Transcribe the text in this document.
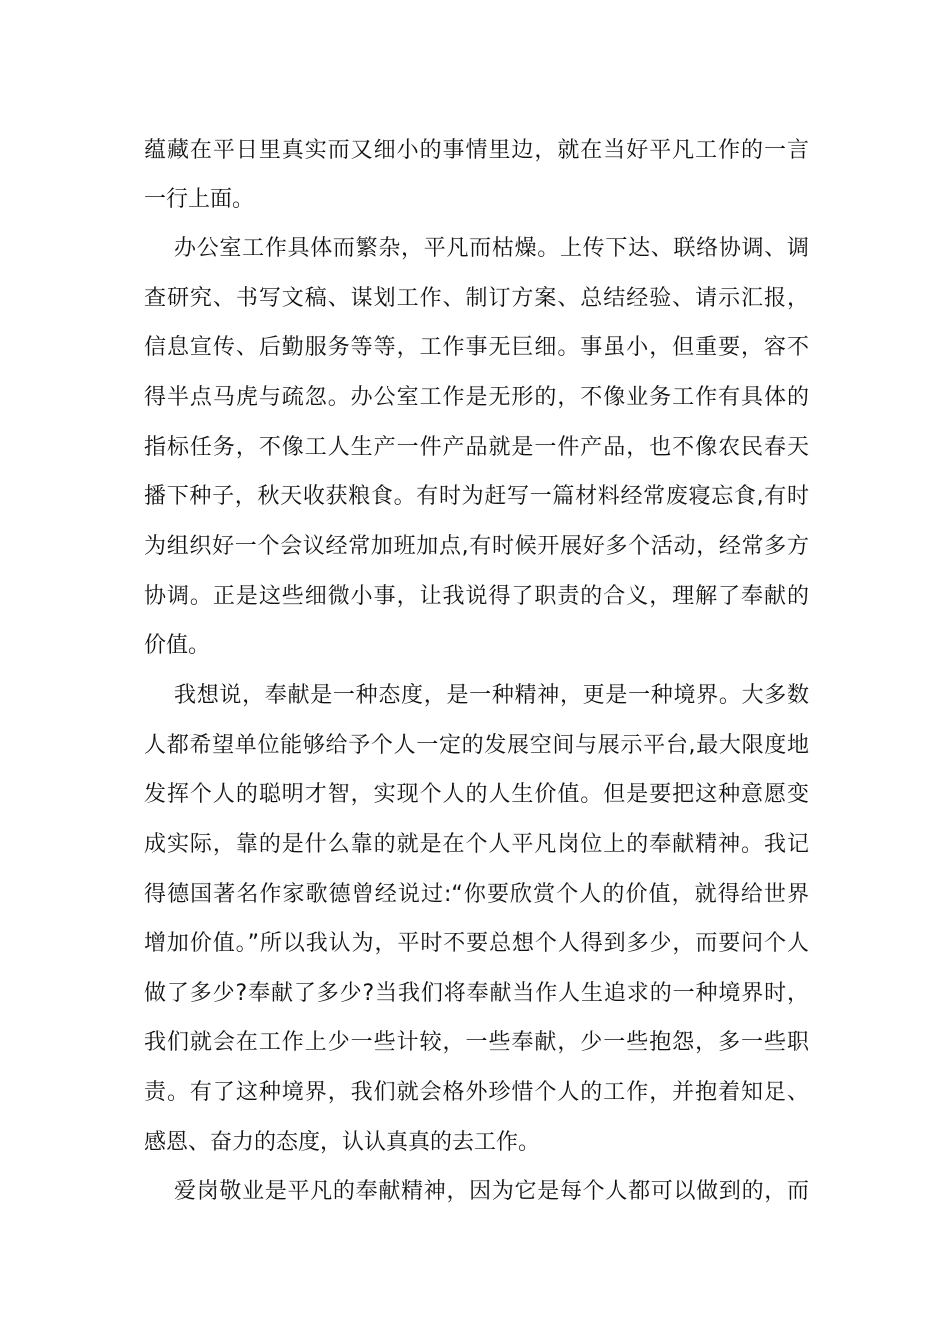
蕴藏在平日里真实而又细小的事情里边，就在当好平凡工作的一言
一行上面。
办公室工作具体而繁杂，平凡而枯燥。上传下达、联络协调、调
查研究、书写文稿、谋划工作、制订方案、总结经验、请示汇报，
信息宣传、后勤服务等等，工作事无巨细。事虽小，但重要，容不
得半点马虎与疏忽。办公室工作是无形的，不像业务工作有具体的
指标任务，不像工人生产一件产品就是一件产品，也不像农民春天
播下种子，秋天收获粮食。有时为赶写一篇材料经常废寝忘食,有时
为组织好一个会议经常加班加点,有时候开展好多个活动，经常多方
协调。正是这些细微小事，让我说得了职责的合义，理解了奉献的
价值。
我想说，奉献是一种态度，是一种精神，更是一种境界。大多数
人都希望单位能够给予个人一定的发展空间与展示平台,最大限度地
发挥个人的聪明才智，实现个人的人生价值。但是要把这种意愿变
成实际，靠的是什么靠的就是在个人平凡岗位上的奉献精神。我记
得德国著名作家歌德曾经说过:“你要欣赏个人的价值，就得给世界
增加价值。”所以我认为，平时不要总想个人得到多少，而要问个人
做了多少?奉献了多少?当我们将奉献当作人生追求的一种境界时，
我们就会在工作上少一些计较，一些奉献，少一些抱怨，多一些职
责。有了这种境界，我们就会格外珍惜个人的工作，并抱着知足、
感恩、奋力的态度，认认真真的去工作。
爱岗敬业是平凡的奉献精神，因为它是每个人都可以做到的，而
